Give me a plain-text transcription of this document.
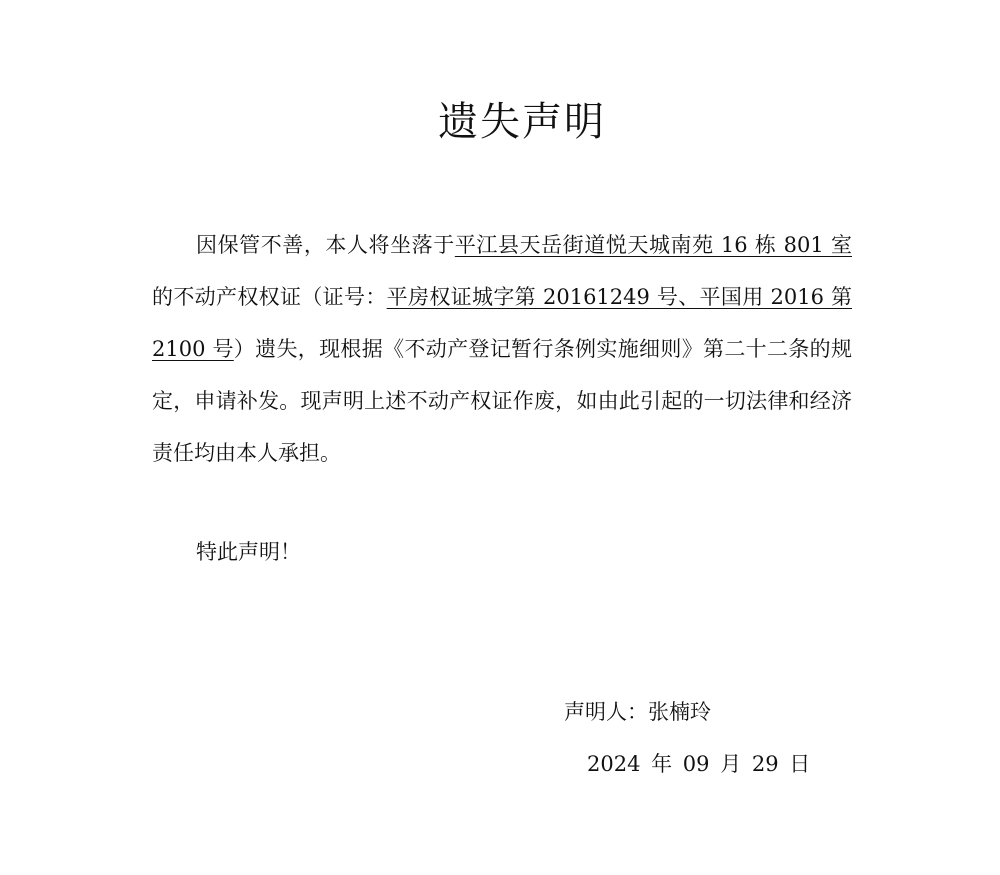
遗失声明
因保管不善，本人将坐落于平江县天岳街道悦天城南苑 16 栋 801 室的不动产权权证（证号：平房权证城字第 20161249 号、平国用 2016 第 2100 号）遗失，现根据《不动产登记暂行条例实施细则》第二十二条的规定，申请补发。现声明上述不动产权证作废，如由此引起的一切法律和经济责任均由本人承担。
特此声明！
声明人：张楠玲
2024 年 09 月 29 日
